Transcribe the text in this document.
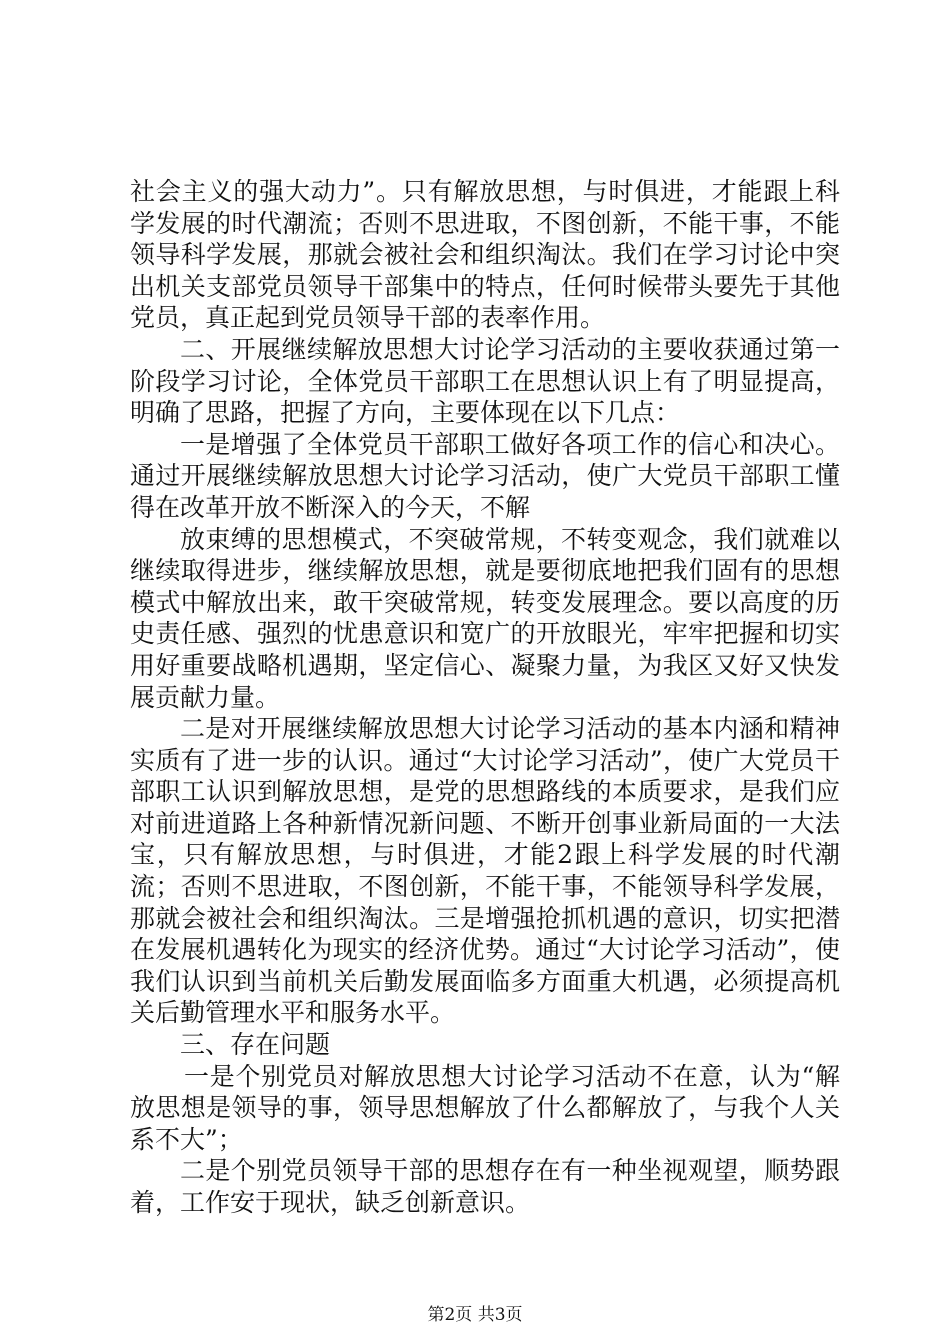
社会主义的强大动力”。只有解放思想，与时俱进，才能跟上科学发展的时代潮流；否则不思进取，不图创新，不能干事，不能领导科学发展，那就会被社会和组织淘汰。我们在学习讨论中突出机关支部党员领导干部集中的特点，任何时候带头要先于其他党员，真正起到党员领导干部的表率作用。

二、开展继续解放思想大讨论学习活动的主要收获通过第一阶段学习讨论，全体党员干部职工在思想认识上有了明显提高，明确了思路，把握了方向，主要体现在以下几点：

一是增强了全体党员干部职工做好各项工作的信心和决心。通过开展继续解放思想大讨论学习活动，使广大党员干部职工懂得在改革开放不断深入的今天，不解

放束缚的思想模式，不突破常规，不转变观念，我们就难以继续取得进步，继续解放思想，就是要彻底地把我们固有的思想模式中解放出来，敢干突破常规，转变发展理念。要以高度的历史责任感、强烈的忧患意识和宽广的开放眼光，牢牢把握和切实用好重要战略机遇期，坚定信心、凝聚力量，为我区又好又快发展贡献力量。

二是对开展继续解放思想大讨论学习活动的基本内涵和精神实质有了进一步的认识。通过“大讨论学习活动”，使广大党员干部职工认识到解放思想，是党的思想路线的本质要求，是我们应对前进道路上各种新情况新问题、不断开创事业新局面的一大法宝，只有解放思想，与时俱进，才能2跟上科学发展的时代潮流；否则不思进取，不图创新，不能干事，不能领导科学发展，那就会被社会和组织淘汰。三是增强抢抓机遇的意识，切实把潜在发展机遇转化为现实的经济优势。通过“大讨论学习活动”，使我们认识到当前机关后勤发展面临多方面重大机遇，必须提高机关后勤管理水平和服务水平。

三、存在问题

一是个别党员对解放思想大讨论学习活动不在意，认为“解放思想是领导的事，领导思想解放了什么都解放了，与我个人关系不大”；

二是个别党员领导干部的思想存在有一种坐视观望，顺势跟着，工作安于现状，缺乏创新意识。

第2页 共3页
